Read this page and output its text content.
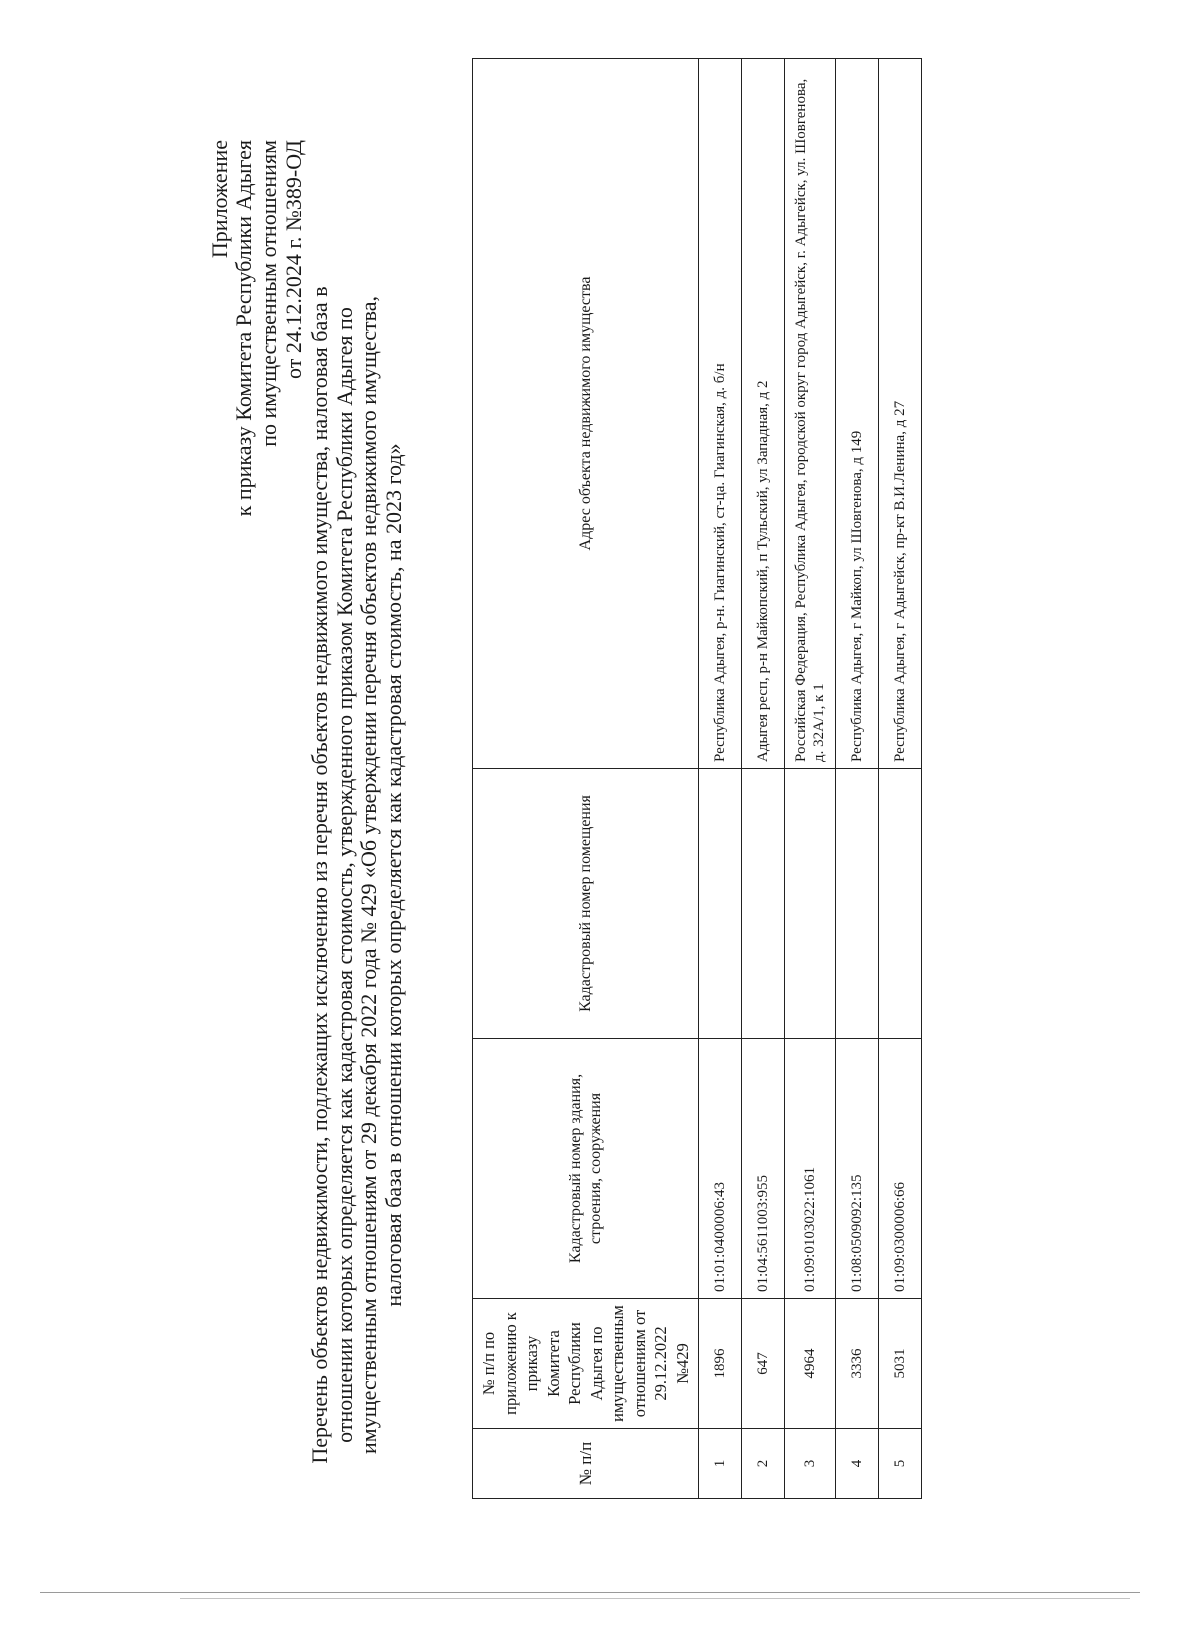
Приложение к приказу Комитета Республики Адыгея по имущественным отношениям от 24.12.2024 г. №389-ОД
Перечень объектов недвижимости, подлежащих исключению из перечня объектов недвижимого имущества, налоговая база в отношении которых определяется как кадастровая стоимость, утвержденного приказом Комитета Республики Адыгея по имущественным отношениям от 29 декабря 2022 года № 429 «Об утверждении перечня объектов недвижимого имущества, налоговая база в отношении которых определяется как кадастровая стоимость, на 2023 год»
№ п/п	№ п/п по приложению к приказу Комитета Республики Адыгея по имущественным отношениям от 29.12.2022 №429	Кадастровый номер здания, строения, сооружения	Кадастровый номер помещения	Адрес объекта недвижимого имущества
1	1896	01:01:0400006:43		Республика Адыгея, р-н. Гиагинский, ст-ца. Гиагинская, д. б/н
2	647	01:04:5611003:955		Адыгея респ, р-н Майкопский, п Тульский, ул Западная, д 2
3	4964	01:09:0103022:1061		Российская Федерация, Республика Адыгея, городской округ город Адыгейск, г. Адыгейск, ул. Шовгенова, д. 32А/1, к 1
4	3336	01:08:0509092:135		Республика Адыгея, г Майкоп, ул Шовгенова, д 149
5	5031	01:09:0300006:66		Республика Адыгея, г Адыгейск, пр-кт В.И.Ленина, д 27
